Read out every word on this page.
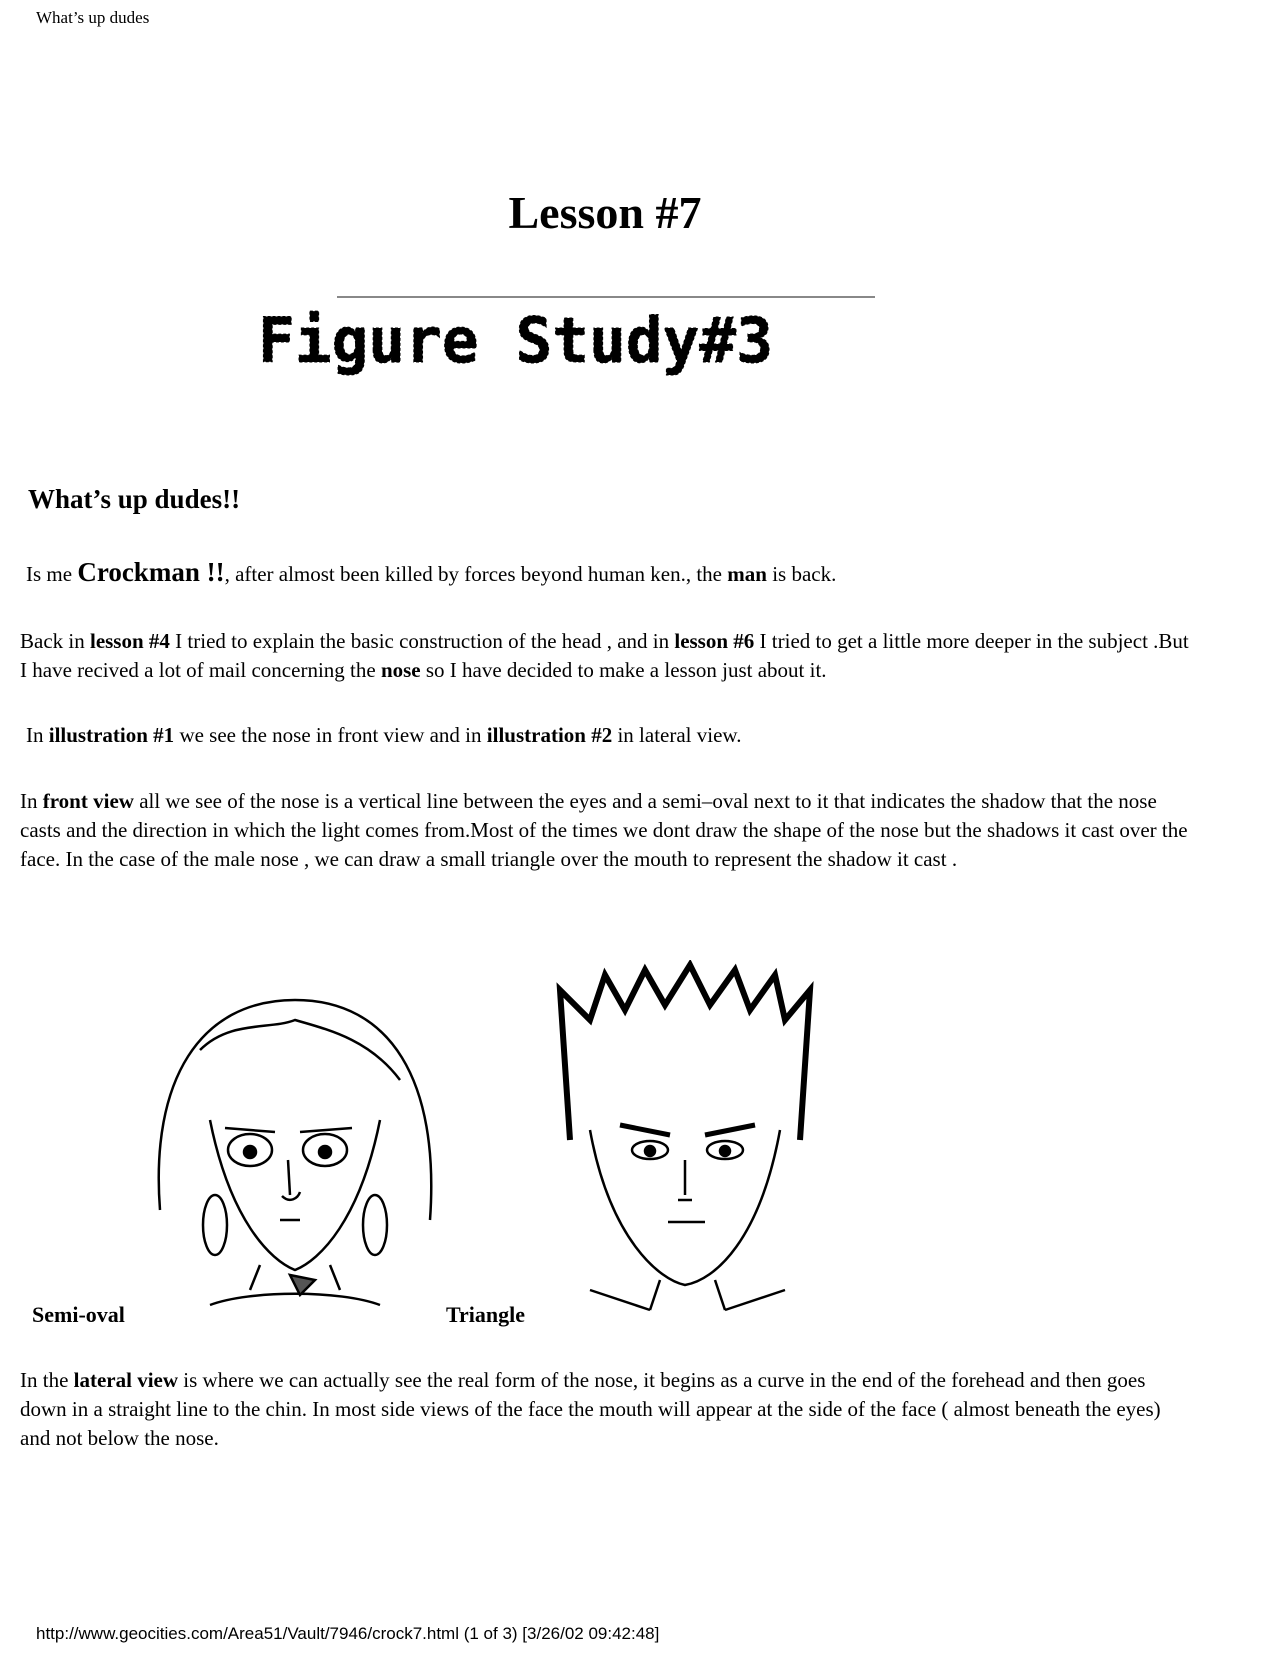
What’s up dudes
Lesson #7
Figure Study#3
What’s up dudes!!
Is me Crockman !!, after almost been killed by forces beyond human ken., the man is back.
Back in lesson #4 I tried to explain the basic construction of the head , and in lesson #6 I tried to get a little more deeper in the subject .But I have recived a lot of mail concerning the nose so I have decided to make a lesson just about it.
In illustration #1 we see the nose in front view and in illustration #2 in lateral view.
In front view all we see of the nose is a vertical line between the eyes and a semi–oval next to it that indicates the shadow that the nose casts and the direction in which the light comes from.Most of the times we dont draw the shape of the nose but the shadows it cast over the face. In the case of the male nose , we can draw a small triangle over the mouth to represent the shadow it cast .
Semi-oval	Triangle
In the lateral view is where we can actually see the real form of the nose, it begins as a curve in the end of the forehead and then goes down in a straight line to the chin. In most side views of the face the mouth will appear at the side of the face ( almost beneath the eyes) and not below the nose.
http://www.geocities.com/Area51/Vault/7946/crock7.html (1 of 3) [3/26/02 09:42:48]
